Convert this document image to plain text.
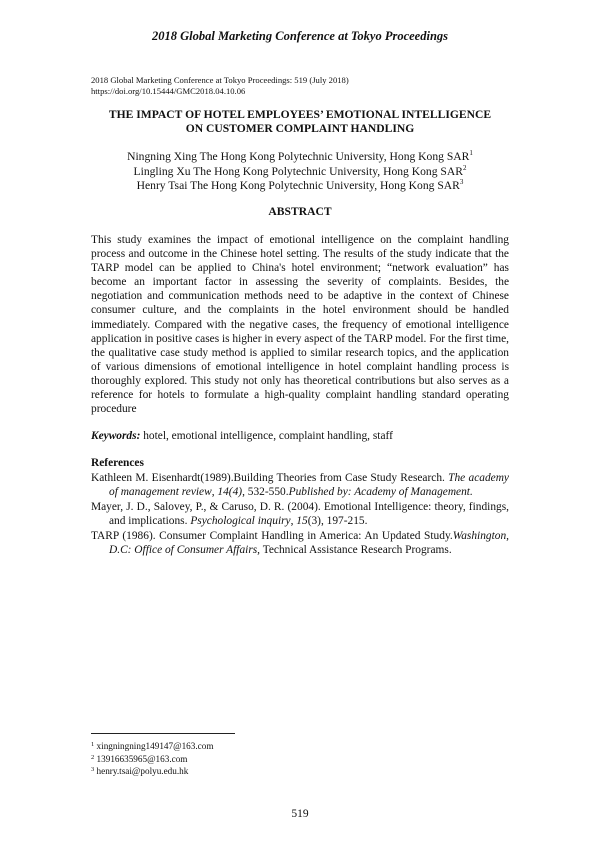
2018 Global Marketing Conference at Tokyo Proceedings
2018 Global Marketing Conference at Tokyo Proceedings: 519 (July 2018)
https://doi.org/10.15444/GMC2018.04.10.06
THE IMPACT OF HOTEL EMPLOYEES’ EMOTIONAL INTELLIGENCE
ON CUSTOMER COMPLAINT HANDLING
Ningning Xing The Hong Kong Polytechnic University, Hong Kong SAR$^1$
Lingling Xu The Hong Kong Polytechnic University, Hong Kong SAR$^2$
Henry Tsai The Hong Kong Polytechnic University, Hong Kong SAR$^3$
ABSTRACT
This study examines the impact of emotional intelligence on the complaint handling process and outcome in the Chinese hotel setting. The results of the study indicate that the TARP model can be applied to China's hotel environment; “network evaluation” has become an important factor in assessing the severity of complaints. Besides, the negotiation and communication methods need to be adaptive in the context of Chinese consumer culture, and the complaints in the hotel environment should be handled immediately. Compared with the negative cases, the frequency of emotional intelligence application in positive cases is higher in every aspect of the TARP model. For the first time, the qualitative case study method is applied to similar research topics, and the application of various dimensions of emotional intelligence in hotel complaint handling process is thoroughly explored. This study not only has theoretical contributions but also serves as a reference for hotels to formulate a high-quality complaint handling standard operating procedure
Keywords: hotel, emotional intelligence, complaint handling, staff
References
Kathleen M. Eisenhardt(1989).Building Theories from Case Study Research. The academy of management review, 14(4), 532-550.Published by: Academy of Management.
Mayer, J. D., Salovey, P., & Caruso, D. R. (2004). Emotional Intelligence: theory, findings, and implications. Psychological inquiry, 15(3), 197-215.
TARP (1986). Consumer Complaint Handling in America: An Updated Study.Washington, D.C: Office of Consumer Affairs, Technical Assistance Research Programs.
$^1$ xingningning149147@163.com
$^2$ 13916635965@163.com
$^3$ henry.tsai@polyu.edu.hk
519
